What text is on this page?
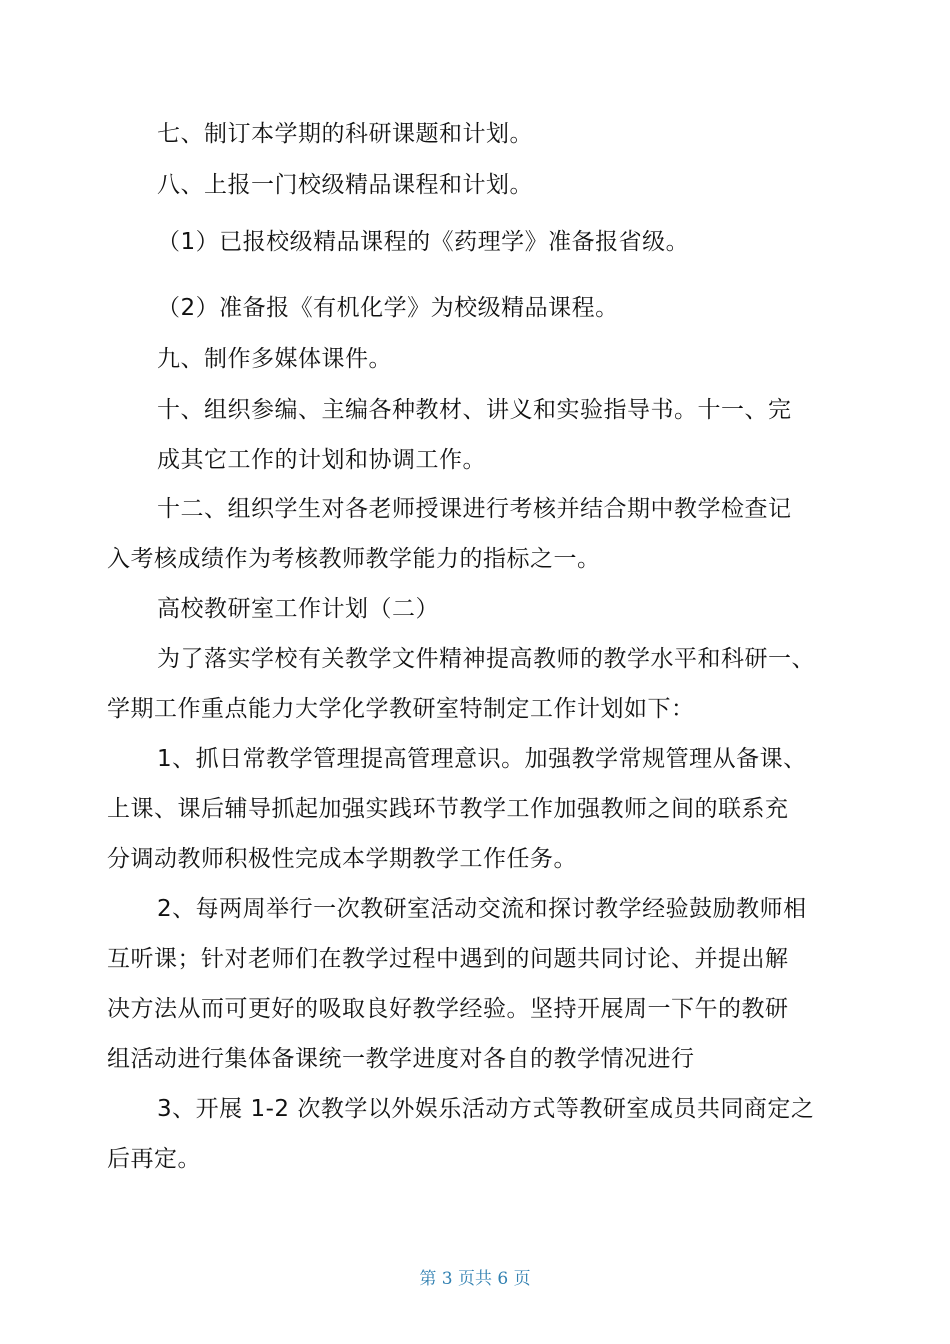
七、制订本学期的科研课题和计划。
八、上报一门校级精品课程和计划。
（1）已报校级精品课程的《药理学》准备报省级。
（2）准备报《有机化学》为校级精品课程。
九、制作多媒体课件。
十、组织参编、主编各种教材、讲义和实验指导书。十一、完
成其它工作的计划和协调工作。
十二、组织学生对各老师授课进行考核并结合期中教学检查记
入考核成绩作为考核教师教学能力的指标之一。
高校教研室工作计划（二）
为了落实学校有关教学文件精神提高教师的教学水平和科研一、
学期工作重点能力大学化学教研室特制定工作计划如下：
1、抓日常教学管理提高管理意识。加强教学常规管理从备课、
上课、课后辅导抓起加强实践环节教学工作加强教师之间的联系充
分调动教师积极性完成本学期教学工作任务。
2、每两周举行一次教研室活动交流和探讨教学经验鼓励教师相
互听课；针对老师们在教学过程中遇到的问题共同讨论、并提出解
决方法从而可更好的吸取良好教学经验。坚持开展周一下午的教研
组活动进行集体备课统一教学进度对各自的教学情况进行
3、开展 1-2 次教学以外娱乐活动方式等教研室成员共同商定之
后再定。
第 3 页共 6 页
